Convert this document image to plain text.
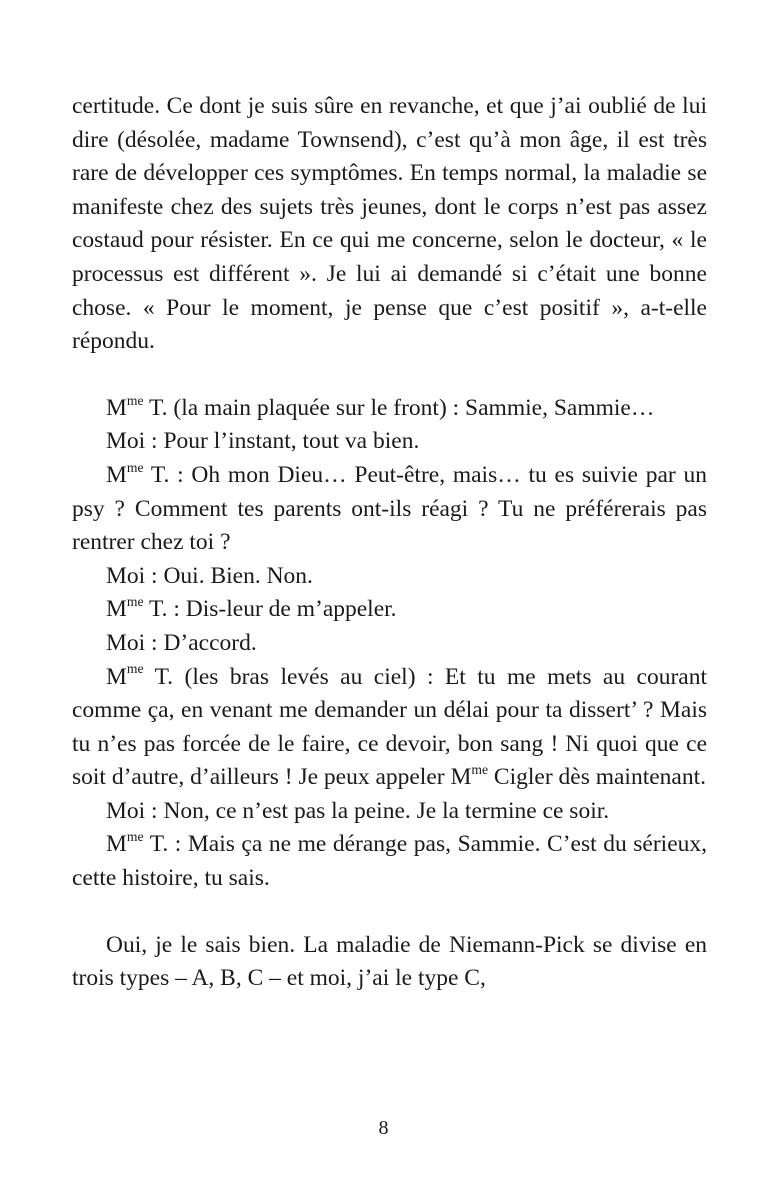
certitude. Ce dont je suis sûre en revanche, et que j’ai oublié de lui dire (désolée, madame Townsend), c’est qu’à mon âge, il est très rare de développer ces symptômes. En temps normal, la maladie se manifeste chez des sujets très jeunes, dont le corps n’est pas assez costaud pour résister. En ce qui me concerne, selon le docteur, « le processus est différent ». Je lui ai demandé si c’était une bonne chose. « Pour le moment, je pense que c’est positif », a-t-elle répondu.

$M^{me}$ T. (la main plaquée sur le front) : Sammie, Sammie…

Moi : Pour l’instant, tout va bien.

$M^{me}$ T. : Oh mon Dieu… Peut-être, mais… tu es suivie par un psy ? Comment tes parents ont-ils réagi ? Tu ne préférerais pas rentrer chez toi ?

Moi : Oui. Bien. Non.

$M^{me}$ T. : Dis-leur de m’appeler.

Moi : D’accord.

$M^{me}$ T. (les bras levés au ciel) : Et tu me mets au courant comme ça, en venant me demander un délai pour ta dissert’ ? Mais tu n’es pas forcée de le faire, ce devoir, bon sang ! Ni quoi que ce soit d’autre, d’ailleurs ! Je peux appeler $M^{me}$ Cigler dès maintenant.

Moi : Non, ce n’est pas la peine. Je la termine ce soir.

$M^{me}$ T. : Mais ça ne me dérange pas, Sammie. C’est du sérieux, cette histoire, tu sais.

Oui, je le sais bien. La maladie de Niemann-Pick se divise en trois types – A, B, C – et moi, j’ai le type C,

8
